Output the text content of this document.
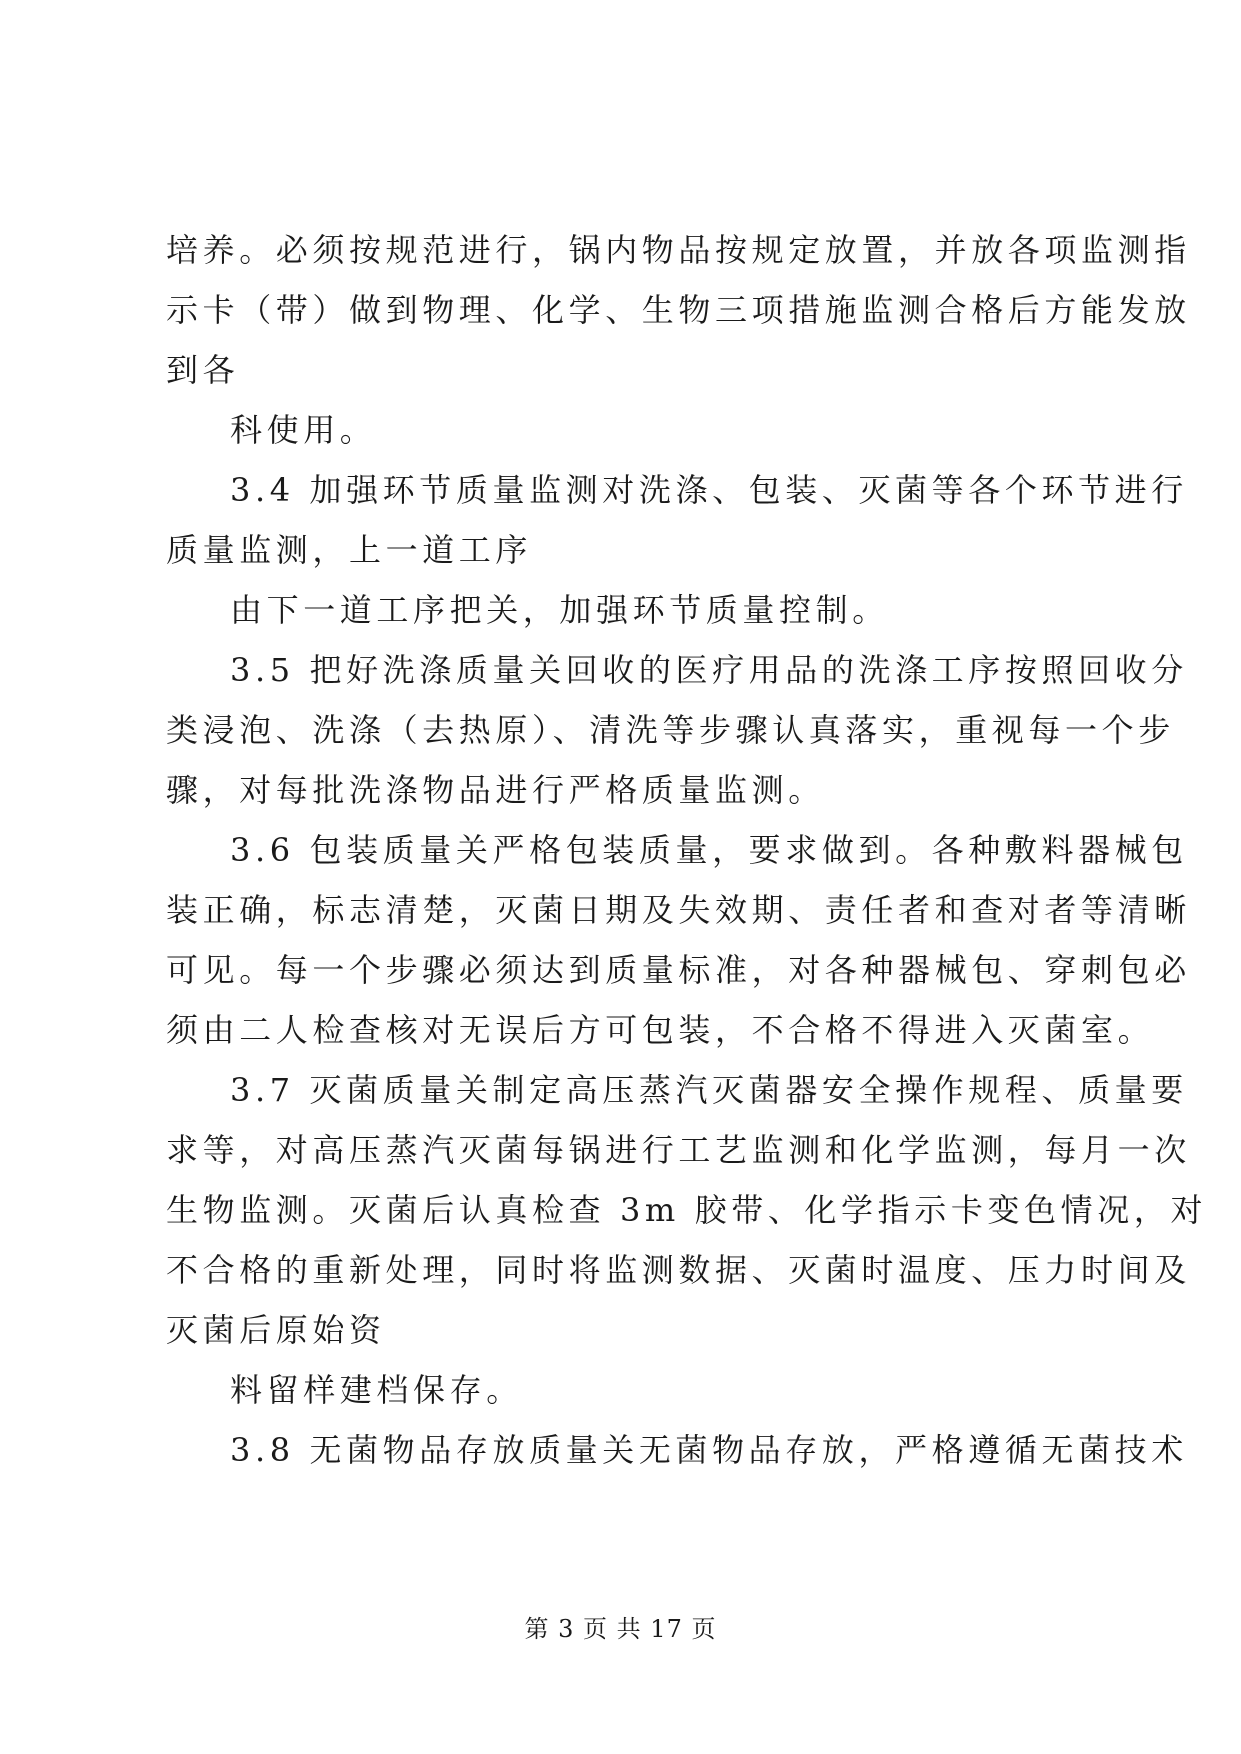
培养。必须按规范进行，锅内物品按规定放置，并放各项监测指
示卡（带）做到物理、化学、生物三项措施监测合格后方能发放
到各
科使用。
3.4 加强环节质量监测对洗涤、包装、灭菌等各个环节进行
质量监测，上一道工序
由下一道工序把关，加强环节质量控制。
3.5 把好洗涤质量关回收的医疗用品的洗涤工序按照回收分
类浸泡、洗涤（去热原）、清洗等步骤认真落实，重视每一个步
骤，对每批洗涤物品进行严格质量监测。
3.6 包装质量关严格包装质量，要求做到。各种敷料器械包
装正确，标志清楚，灭菌日期及失效期、责任者和查对者等清晰
可见。每一个步骤必须达到质量标准，对各种器械包、穿刺包必
须由二人检查核对无误后方可包装，不合格不得进入灭菌室。
3.7 灭菌质量关制定高压蒸汽灭菌器安全操作规程、质量要
求等，对高压蒸汽灭菌每锅进行工艺监测和化学监测，每月一次
生物监测。灭菌后认真检查 3m 胶带、化学指示卡变色情况，对
不合格的重新处理，同时将监测数据、灭菌时温度、压力时间及
灭菌后原始资
料留样建档保存。
3.8 无菌物品存放质量关无菌物品存放，严格遵循无菌技术
第 3 页 共 17 页
